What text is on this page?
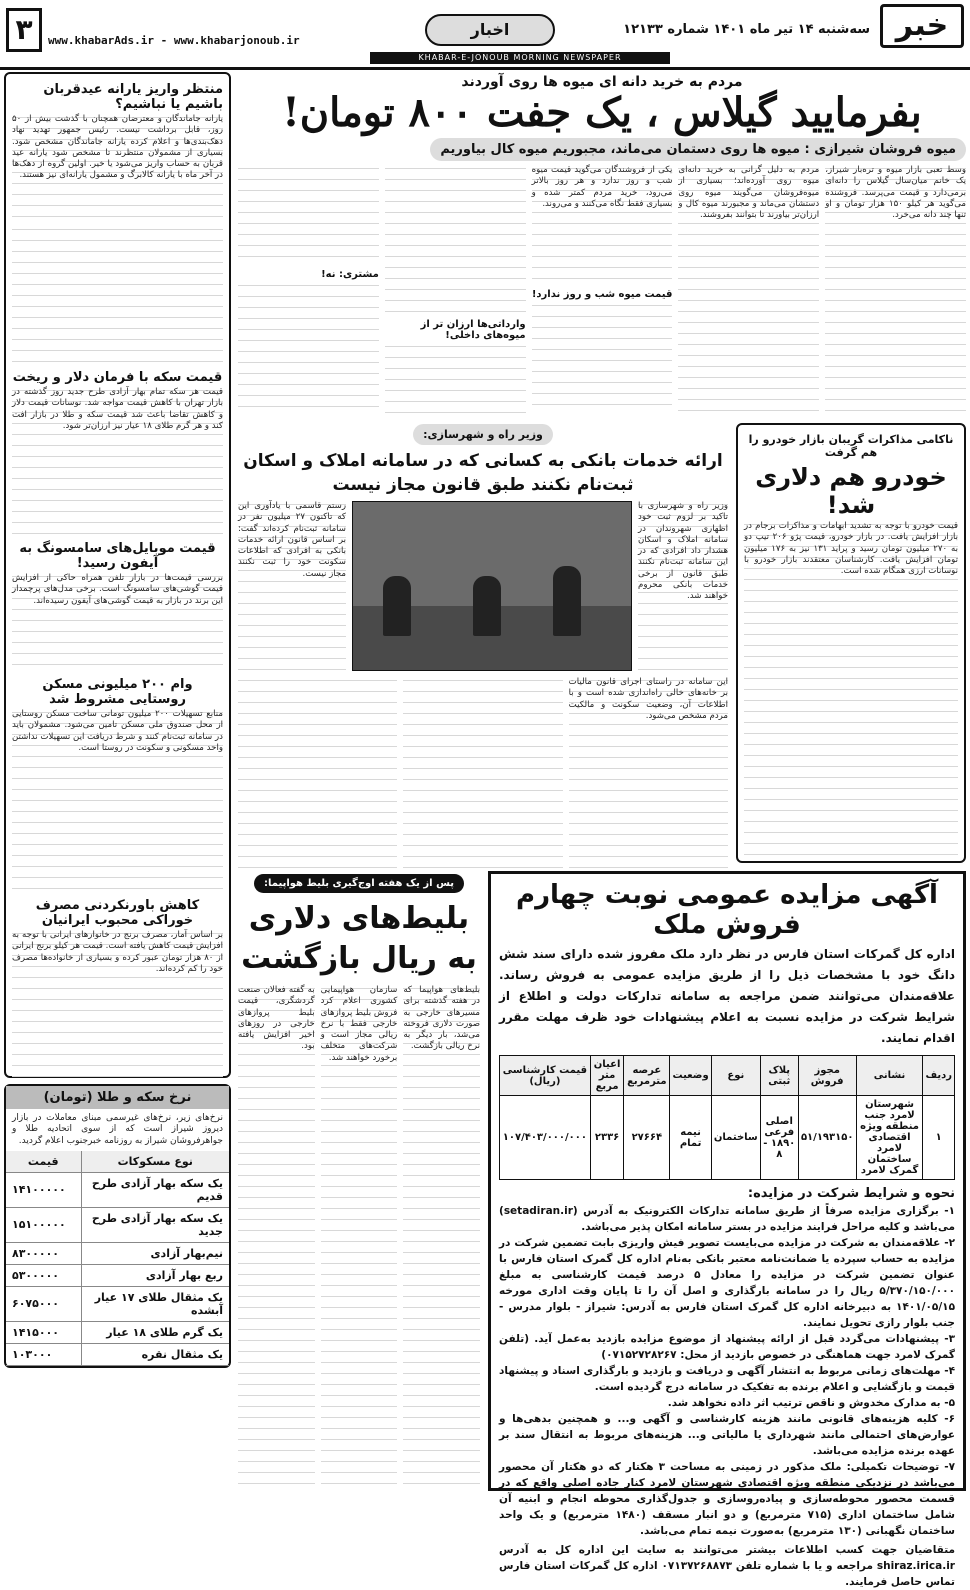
خبر
سه‌شنبه ۱۴ تیر ماه ۱۴۰۱ شماره ۱۲۱۳۳
اخبار
www.khabarAds.ir - www.khabarjonoub.ir
۳
KHABAR-E-JONOUB MORNING NEWSPAPER
منتظر واریز یارانه عیدقربان باشیم یا نباشیم؟
یارانه جاماندگان و معترضان همچنان با گذشت بیش از ۵۰ روز، قابل برداشت نیست. رئیس جمهور تهدید نهاد دهک‌بندی‌ها و اعلام کرده یارانه جاماندگان مشخص شود. بسیاری از مشمولان منتظرند تا مشخص شود یارانه عید قربان به حساب واریز می‌شود یا خیر. اولین گروه از دهک‌ها در آخر ماه با یارانه کالابرگ و مشمول یارانه‌ای نیز هستند.
قیمت سکه با فرمان دلار و ریخت
قیمت هر سکه تمام بهار آزادی طرح جدید روز گذشته در بازار تهران با کاهش قیمت مواجه شد. نوسانات قیمت دلار و کاهش تقاضا باعث شد قیمت سکه و طلا در بازار افت کند و هر گرم طلای ۱۸ عیار نیز ارزان‌تر شود.
قیمت موبایل‌های سامسونگ به آیفون رسید!
بررسی قیمت‌ها در بازار تلفن همراه حاکی از افزایش قیمت گوشی‌های سامسونگ است. برخی مدل‌های پرچمدار این برند در بازار به قیمت گوشی‌های آیفون رسیده‌اند.
وام ۲۰۰ میلیونی مسکن روستایی مشروط شد
منابع تسهیلات ۲۰۰ میلیون تومانی ساخت مسکن روستایی از محل صندوق ملی مسکن تامین می‌شود. مشمولان باید در سامانه ثبت‌نام کنند و شرط دریافت این تسهیلات نداشتن واحد مسکونی و سکونت در روستا است.
کاهش باورنکردنی مصرف خوراکی محبوب ایرانیان
بر اساس آمار، مصرف برنج در خانوارهای ایرانی با توجه به افزایش قیمت کاهش یافته است. قیمت هر کیلو برنج ایرانی از ۸۰ هزار تومان عبور کرده و بسیاری از خانواده‌ها مصرف خود را کم کرده‌اند.
نرخ سکه و طلا (تومان)
نرخ‌های زیر، نرخ‌های غیرسمی مبنای معاملات در بازار دیروز شیراز است که از سوی اتحادیه طلا و جواهرفروشان شیراز به روزنامه خبرجنوب اعلام گردید.
نوع مسکوکات	قیمت
یک سکه بهار آزادی طرح قدیم	۱۴۱۰۰۰۰۰
یک سکه بهار آزادی طرح جدید	۱۵۱۰۰۰۰۰
نیم‌بهار آزادی	۸۳۰۰۰۰۰
ربع بهار آزادی	۵۳۰۰۰۰۰
یک مثقال طلای ۱۷ عیار آبشده	۶۰۷۵۰۰۰
یک گرم طلای ۱۸ عیار	۱۴۱۵۰۰۰
یک مثقال نقره	۱۰۳۰۰۰
مردم به خرید دانه ای میوه ها روی آوردند
بفرمایید گیلاس ، یک جفت ۸۰۰ تومان!
میوه فروشان شیرازی : میوه ها روی دستمان می‌ماند، مجبوریم میوه کال بیاوریم
وسط تعبی بازار میوه و تره‌بار شیراز، یک خانم میان‌سال گیلاس را دانه‌ای برمی‌دارد و قیمت می‌پرسد. فروشنده می‌گوید هر کیلو ۱۵۰ هزار تومان و او تنها چند دانه می‌خرد.
مردم به دلیل گرانی به خرید دانه‌ای میوه روی آورده‌اند؛ بسیاری از میوه‌فروشان می‌گویند میوه روی دستشان می‌ماند و مجبورند میوه کال و ارزان‌تر بیاورند تا بتوانند بفروشند.
یکی از فروشندگان می‌گوید قیمت میوه شب و روز ندارد و هر روز بالاتر می‌رود، خرید مردم کمتر شده و بسیاری فقط نگاه می‌کنند و می‌روند.
قیمت میوه شب و روز ندارد!
وارداتی‌ها ارزان تر از میوه‌های داخلی!
مشتری: نه!
ناکامی مذاکرات گریبان بازار خودرو را هم گرفت
خودرو هم دلاری شد!
قیمت خودرو با توجه به تشدید ابهامات و مذاکرات برجام در بازار افزایش یافت. در بازار خودرو، قیمت پژو ۲۰۶ تیپ دو به ۲۷۰ میلیون تومان رسید و پراید ۱۳۱ نیز به ۱۷۶ میلیون تومان افزایش یافت. کارشناسان معتقدند بازار خودرو با نوسانات ارزی همگام شده است.
وزیر راه و شهرسازی:
ارائه خدمات بانکی به کسانی که در سامانه املاک و اسکان ثبت‌نام نکنند طبق قانون مجاز نیست
وزیر راه و شهرسازی با تاکید بر لزوم ثبت خود اظهاری شهروندان در سامانه املاک و اسکان هشدار داد افرادی که در این سامانه ثبت‌نام نکنند طبق قانون از برخی خدمات بانکی محروم خواهند شد.
رستم قاسمی با یادآوری این که تاکنون ۲۷ میلیون نفر در سامانه ثبت‌نام کرده‌اند گفت: بر اساس قانون ارائه خدمات بانکی به افرادی که اطلاعات سکونت خود را ثبت نکنند مجاز نیست.
این سامانه در راستای اجرای قانون مالیات بر خانه‌های خالی راه‌اندازی شده است و با اطلاعات آن، وضعیت سکونت و مالکیت مردم مشخص می‌شود.
آگهی مزایده عمومی نوبت چهارم فروش ملک
اداره کل گمرکات استان فارس در نظر دارد ملک مفروز شده دارای سند شش دانگ خود با مشخصات ذیل را از طریق مزایده عمومی به فروش رساند. علاقه‌مندان می‌توانند ضمن مراجعه به سامانه تدارکات دولت و اطلاع از شرایط شرکت در مزایده نسبت به اعلام پیشنهادات خود ظرف مهلت مقرر اقدام نمایند.
ردیف	نشانی	مجوز فروش	پلاک ثبتی	نوع	وضعیت	عرصه مترمربع	اعیان متر مربع	قیمت کارشناسی (ریال)
۱	شهرستان لامرد جنب منطقه ویژه اقتصادی لامرد ساختمان گمرک لامرد	۵۱/۱۹۳۱۵۰	اصلی فرعی ۱۸۹۰ - ۸	ساختمان	نیمه تمام	۲۷۶۶۴	۲۳۳۶	۱۰۷/۴۰۳/۰۰۰/۰۰۰
نحوه و شرایط شرکت در مزایده:
۱- برگزاری مزایده صرفاً از طریق سامانه تدارکات الکترونیک به آدرس (setadiran.ir) می‌باشد و کلیه مراحل فرایند مزایده در بستر سامانه امکان پذیر می‌باشد.
۲- علاقه‌مندان به شرکت در مزایده می‌بایست تصویر فیش واریزی بابت تضمین شرکت در مزایده به حساب سپرده یا ضمانت‌نامه معتبر بانکی به‌نام اداره کل گمرک استان فارس با عنوان تضمین شرکت در مزایده را معادل ۵ درصد قیمت کارشناسی به مبلغ ۵/۳۷۰/۱۵۰/۰۰۰ ریال را در سامانه بارگذاری و اصل آن را تا پایان وقت اداری مورخه ۱۴۰۱/۰۵/۱۵ به دبیرخانه اداره کل گمرک استان فارس به آدرس: شیراز - بلوار مدرس - جنب بلوار رازی تحویل نمایند.
۳- پیشنهادات می‌گردد قبل از ارائه پیشنهاد از موضوع مزایده بازدید به‌عمل آید. (تلفن گمرک لامرد جهت هماهنگی در خصوص بازدید از محل: ۰۷۱۵۲۷۲۸۲۶۷)
۴- مهلت‌های زمانی مربوط به انتشار آگهی و دریافت و بازدید و بارگذاری اسناد و پیشنهاد قیمت و بازگشایی و اعلام برنده به تفکیک در سامانه درج گردیده است.
۵- به مدارک مخدوش و ناقص ترتیب اثر داده نخواهد شد.
۶- کلیه هزینه‌های قانونی مانند هزینه کارشناسی و آگهی و... و همچنین بدهی‌ها و عوارض‌های احتمالی مانند شهرداری یا مالیاتی و... هزینه‌های مربوط به انتقال سند بر عهده برنده مزایده می‌باشد.
۷- توضیحات تکمیلی: ملک مذکور در زمینی به مساحت ۳ هکتار که دو هکتار آن محصور می‌باشد در نزدیکی منطقه ویژه اقتصادی شهرستان لامرد کنار جاده اصلی واقع که در قسمت محصور محوطه‌سازی و پیاده‌روسازی و جدول‌گذاری محوطه انجام و ابنیه آن شامل ساختمان اداری (۷۱۵ مترمربع) و دو انبار مسقف (۱۴۸۰ مترمربع) و یک واحد ساختمان نگهبانی (۱۳۰ مترمربع) به‌صورت نیمه تمام می‌باشد.
متقاضیان جهت کسب اطلاعات بیشتر می‌توانند به سایت این اداره کل به آدرس shiraz.irica.ir مراجعه و یا با شماره تلفن ۰۷۱۳۷۲۶۸۸۷۳ اداره کل گمرکات استان فارس تماس حاصل فرمایند.
پس از یک هفته اوج‌گیری بلیط هواپیما:
بلیط‌های دلاری به ریال بازگشت
بلیط‌های هواپیما که در هفته گذشته برای مسیرهای خارجی به صورت دلاری فروخته می‌شد، بار دیگر به نرخ ریالی بازگشت.
سازمان هواپیمایی کشوری اعلام کرد فروش بلیط پروازهای خارجی فقط با نرخ ریالی مجاز است و شرکت‌های متخلف برخورد خواهند شد.
به گفته فعالان صنعت گردشگری، قیمت بلیط پروازهای خارجی در روزهای اخیر افزایش یافته بود.
